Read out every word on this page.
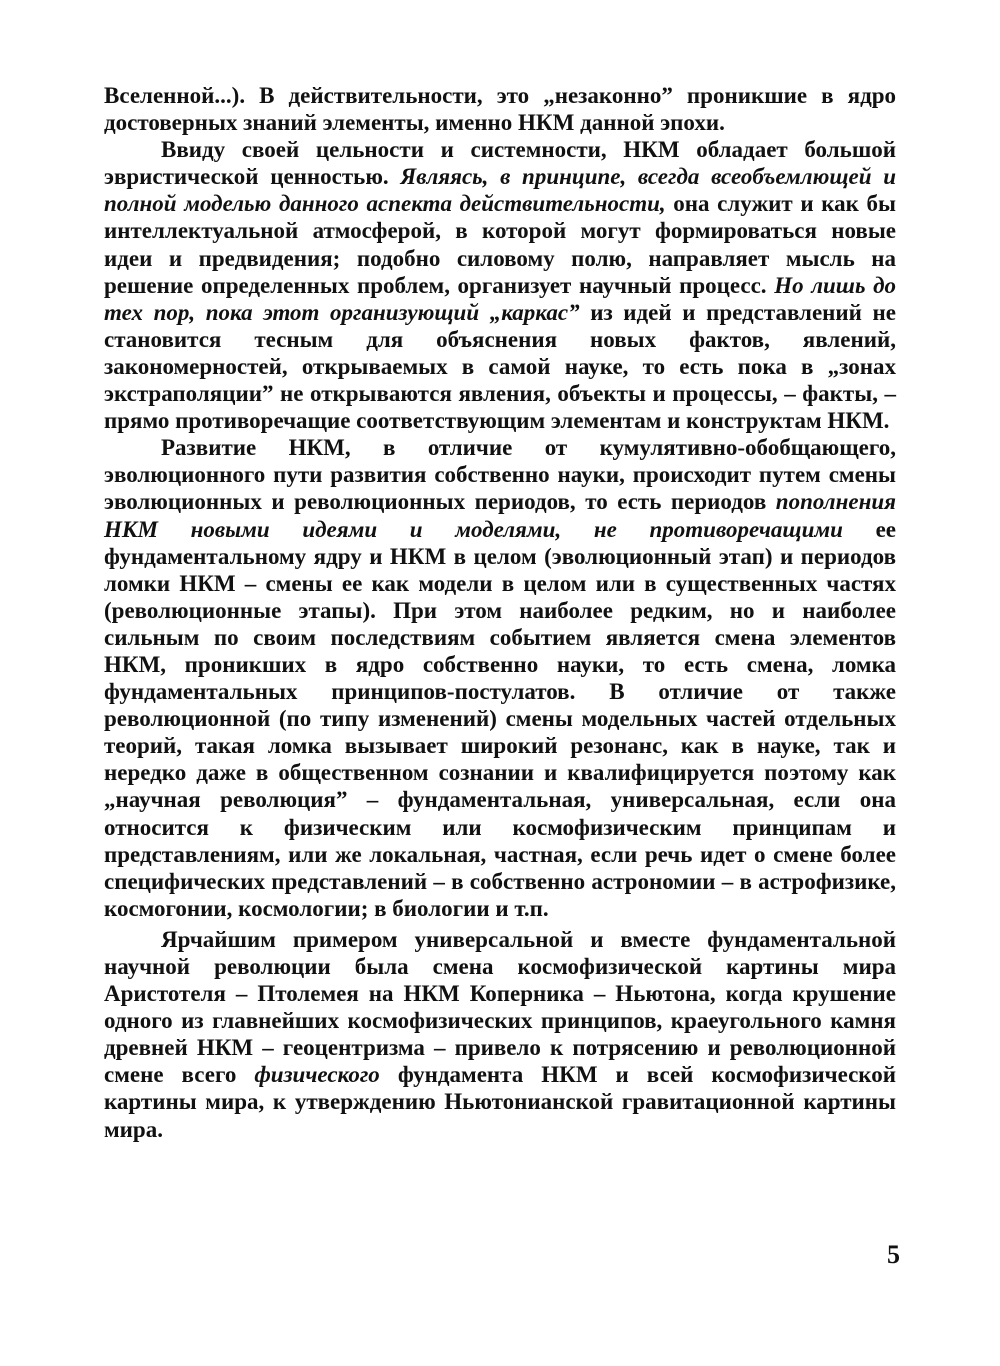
Вселенной...). В действительности, это „незаконно” проникшие в ядро достоверных знаний элементы, именно НКМ данной эпохи.

Ввиду своей цельности и системности, НКМ обладает большой эвристической ценностью. Являясь, в принципе, всегда всеобъемлющей и полной моделью данного аспекта действительности, она служит и как бы интеллектуальной атмосферой, в которой могут формироваться новые идеи и предвидения; подобно силовому полю, направляет мысль на решение определенных проблем, организует научный процесс. Но лишь до тех пор, пока этот организующий „каркас” из идей и представлений не становится тесным для объяснения новых фактов, явлений, закономерностей, открываемых в самой науке, то есть пока в „зонах экстраполяции” не открываются явления, объекты и процессы, – факты, – прямо противоречащие соответствующим элементам и конструктам НКМ.

Развитие НКМ, в отличие от кумулятивно-обобщающего, эволюционного пути развития собственно науки, происходит путем смены эволюционных и революционных периодов, то есть периодов пополнения НКМ новыми идеями и моделями, не противоречащими ее фундаментальному ядру и НКМ в целом (эволюционный этап) и периодов ломки НКМ – смены ее как модели в целом или в существенных частях (революционные этапы). При этом наиболее редким, но и наиболее сильным по своим последствиям событием является смена элементов НКМ, проникших в ядро собственно науки, то есть смена, ломка фундаментальных принципов-постулатов. В отличие от также революционной (по типу изменений) смены модельных частей отдельных теорий, такая ломка вызывает широкий резонанс, как в науке, так и нередко даже в общественном сознании и квалифицируется поэтому как „научная революция” – фундаментальная, универсальная, если она относится к физическим или космофизическим принципам и представлениям, или же локальная, частная, если речь идет о смене более специфических представлений – в собственно астрономии – в астрофизике, космогонии, космологии; в биологии и т.п.

Ярчайшим примером универсальной и вместе фундаментальной научной революции была смена космофизической картины мира Аристотеля – Птолемея на НКМ Коперника – Ньютона, когда крушение одного из главнейших космофизических принципов, краеугольного камня древней НКМ – геоцентризма – привело к потрясению и революционной смене всего физического фундамента НКМ и всей космофизической картины мира, к утверждению Ньютонианской гравитационной картины мира.

5
